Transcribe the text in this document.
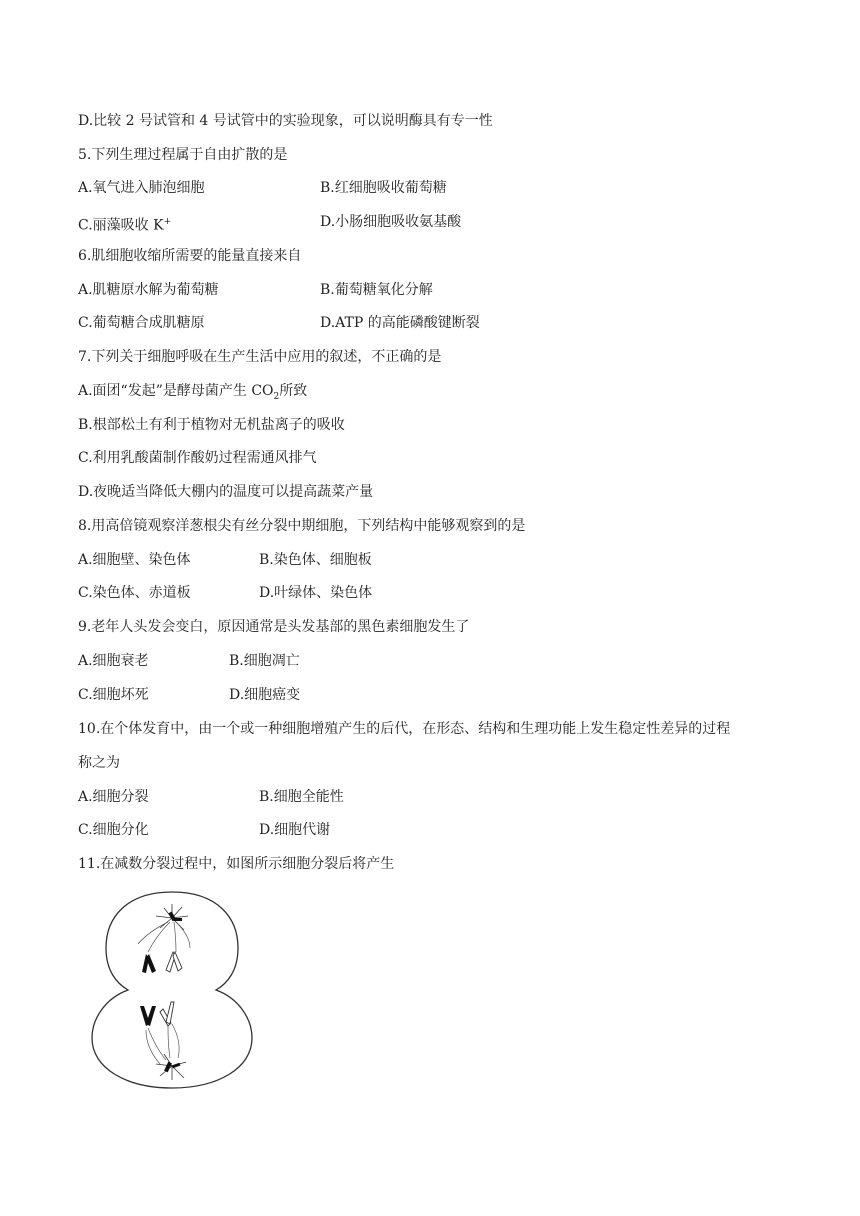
D.比较 2 号试管和 4 号试管中的实验现象，可以说明酶具有专一性
5.下列生理过程属于自由扩散的是
A.氧气进入肺泡细胞	B.红细胞吸收葡萄糖
C.丽藻吸收 K+	D.小肠细胞吸收氨基酸
6.肌细胞收缩所需要的能量直接来自
A.肌糖原水解为葡萄糖	B.葡萄糖氧化分解
C.葡萄糖合成肌糖原	D.ATP 的高能磷酸键断裂
7.下列关于细胞呼吸在生产生活中应用的叙述，不正确的是
A.面团“发起”是酵母菌产生 $CO_2$所致
B.根部松土有利于植物对无机盐离子的吸收
C.利用乳酸菌制作酸奶过程需通风排气
D.夜晚适当降低大棚内的温度可以提高蔬菜产量
8.用高倍镜观察洋葱根尖有丝分裂中期细胞，下列结构中能够观察到的是
A.细胞壁、染色体	B.染色体、细胞板
C.染色体、赤道板	D.叶绿体、染色体
9.老年人头发会变白，原因通常是头发基部的黑色素细胞发生了
A.细胞衰老	B.细胞凋亡
C.细胞坏死	D.细胞癌变
10.在个体发育中，由一个或一种细胞增殖产生的后代，在形态、结构和生理功能上发生稳定性差异的过程
称之为
A.细胞分裂	B.细胞全能性
C.细胞分化	D.细胞代谢
11.在减数分裂过程中，如图所示细胞分裂后将产生
